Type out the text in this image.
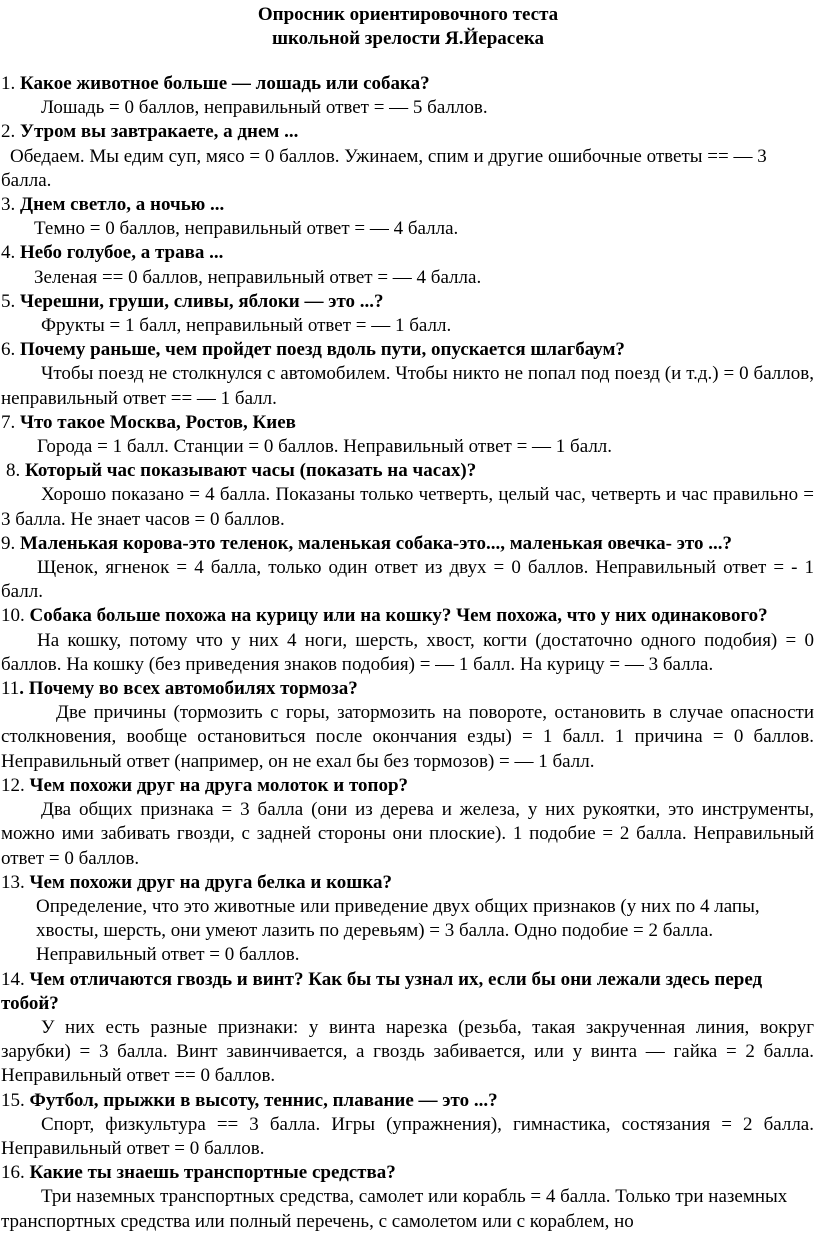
Опросник ориентировочного теста
школьной зрелости Я.Йерасека

1. Какое животное больше — лошадь или собака?

Лошадь = 0 баллов, неправильный ответ = — 5 баллов.

2. Утром вы завтракаете, а днем ...

Обедаем. Мы едим суп, мясо = 0 баллов. Ужинаем, спим и другие ошибочные ответы == — 3 балла.

3. Днем светло, а ночью ...

Темно = 0 баллов, неправильный ответ = — 4 балла.

4. Небо голубое, а трава ...

Зеленая == 0 баллов, неправильный ответ = — 4 балла.

5. Черешни, груши, сливы, яблоки — это ...?

Фрукты = 1 балл, неправильный ответ = — 1 балл.

6. Почему раньше, чем пройдет поезд вдоль пути, опускается шлагбаум?

Чтобы поезд не столкнулся с автомобилем. Чтобы никто не попал под поезд (и т.д.) = 0 баллов, неправильный ответ == — 1 балл.

7. Что такое Москва, Ростов, Киев

Города = 1 балл. Станции = 0 баллов. Неправильный ответ = — 1 балл.

8. Который час показывают часы (показать на часах)?

Хорошо показано = 4 балла. Показаны только четверть, целый час, четверть и час правильно = 3 балла. Не знает часов = 0 баллов.

9. Маленькая корова-это теленок, маленькая собака-это..., маленькая овечка- это ...?

Щенок, ягненок = 4 балла, только один ответ из двух = 0 баллов. Неправильный ответ = - 1 балл.

10. Собака больше похожа на курицу или на кошку? Чем похожа, что у них одинакового?

На кошку, потому что у них 4 ноги, шерсть, хвост, когти (достаточно одного подобия) = 0 баллов. На кошку (без приведения знаков подобия) = — 1 балл. На курицу = — 3 балла.

11. Почему во всех автомобилях тормоза?

Две причины (тормозить с горы, затормозить на повороте, остановить в случае опасности столкновения, вообще остановиться после окончания езды) = 1 балл. 1 причина = 0 баллов. Неправильный ответ (например, он не ехал бы без тормозов) = — 1 балл.

12. Чем похожи друг на друга молоток и топор?

Два общих признака = 3 балла (они из дерева и железа, у них рукоятки, это инструменты, можно ими забивать гвозди, с задней стороны они плоские). 1 подобие = 2 балла. Неправильный ответ = 0 баллов.

13. Чем похожи друг на друга белка и кошка?

Определение, что это животные или приведение двух общих признаков (у них по 4 лапы, хвосты, шерсть, они умеют лазить по деревьям) = 3 балла. Одно подобие = 2 балла. Неправильный ответ = 0 баллов.

14. Чем отличаются гвоздь и винт? Как бы ты узнал их, если бы они лежали здесь перед тобой?

У них есть разные признаки: у винта нарезка (резьба, такая закрученная линия, вокруг зарубки) = 3 балла. Винт завинчивается, а гвоздь забивается, или у винта — гайка = 2 балла. Неправильный ответ == 0 баллов.

15. Футбол, прыжки в высоту, теннис, плавание — это ...?

Спорт, физкультура == 3 балла. Игры (упражнения), гимнастика, состязания = 2 балла. Неправильный ответ = 0 баллов.

16. Какие ты знаешь транспортные средства?

Три наземных транспортных средства, самолет или корабль = 4 балла. Только три наземных транспортных средства или полный перечень, с самолетом или с кораблем, но
